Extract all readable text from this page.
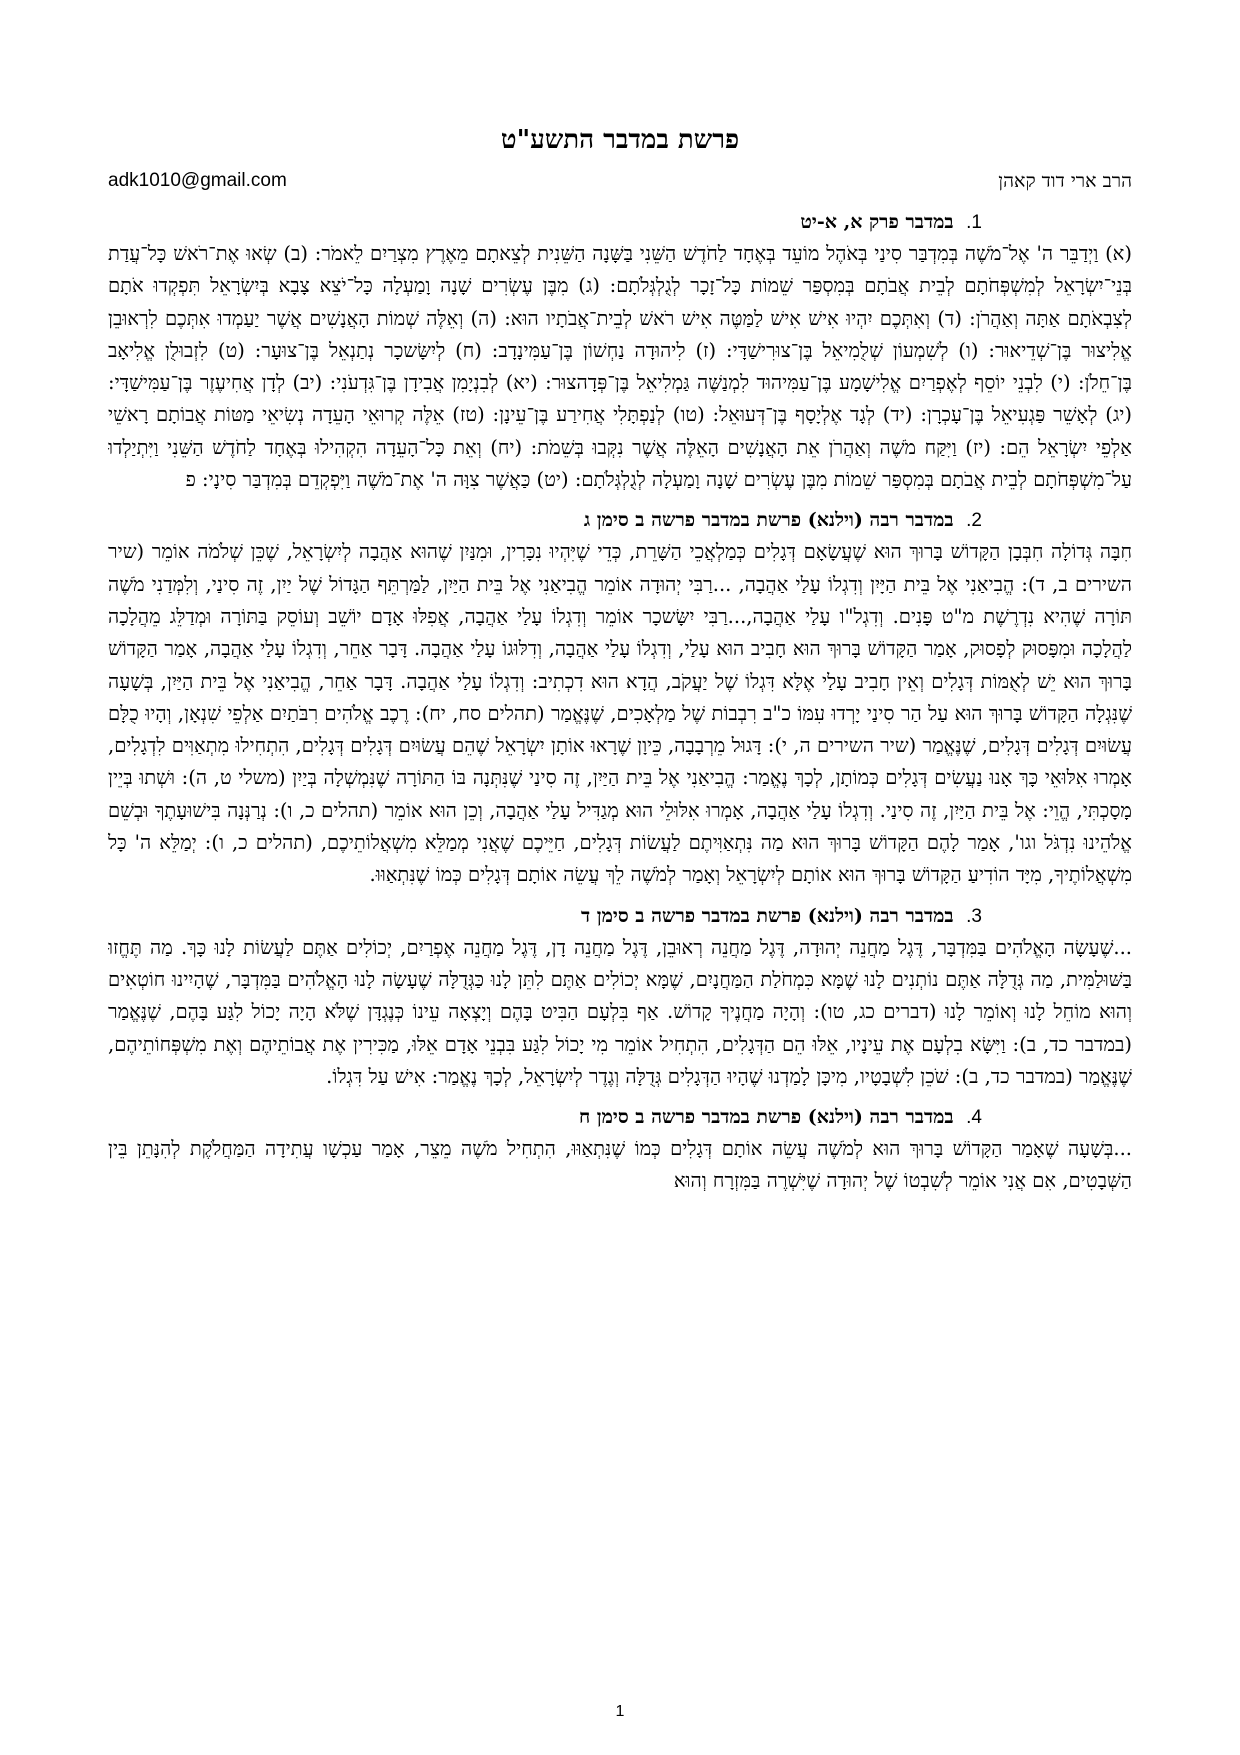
פרשת במדבר התשע"ט
הרב ארי דוד קאהן
adk1010@gmail.com
1. במדבר פרק א, א-יט

(א) וַיְדַבֵּר ה' אֶל־מֹשֶׁה בְּמִדְבַּר סִינַי בְּאֹהֶל מוֹעֵד בְּאֶחָד לַחֹדֶשׁ הַשֵּׁנִי בַּשָּׁנָה הַשֵּׁנִית לְצֵאתָם מֵאֶרֶץ מִצְרַיִם לֵאמֹר: (ב) שְׂאוּ אֶת־רֹאשׁ כָּל־עֲדַת בְּנֵי־יִשְׂרָאֵל לְמִשְׁפְּחֹתָם לְבֵית אֲבֹתָם בְּמִסְפַּר שֵׁמוֹת כָּל־זָכָר לְגֻלְגְּלֹתָם: (ג) מִבֶּן עֶשְׂרִים שָׁנָה וָמַעְלָה כָּל־יֹצֵא צָבָא בְּיִשְׂרָאֵל תִּפְקְדוּ אֹתָם לְצִבְאֹתָם אַתָּה וְאַהֲרֹן: (ד) וְאִתְּכֶם יִהְיוּ אִישׁ אִישׁ לַמַּטֶּה אִישׁ רֹאשׁ לְבֵית־אֲבֹתָיו הוּא: (ה) וְאֵלֶּה שְׁמוֹת הָאֲנָשִׁים אֲשֶׁר יַעַמְדוּ אִתְּכֶם לִרְאוּבֵן אֱלִיצוּר בֶּן־שְׁדֵיאוּר: (ו) לְשִׁמְעוֹן שְׁלֻמִיאֵל בֶּן־צוּרִישַׁדָּי: (ז) לִיהוּדָה נַחְשׁוֹן בֶּן־עַמִּינָדָב: (ח) לְיִשָּׂשכָר נְתַנְאֵל בֶּן־צוּעָר: (ט) לִזְבוּלֻן אֱלִיאָב בֶּן־חֵלֹן: (י) לִבְנֵי יוֹסֵף לְאֶפְרַיִם אֱלִישָׁמָע בֶּן־עַמִּיהוּד לִמְנַשֶּׁה גַּמְלִיאֵל בֶּן־פְּדָהצוּר: (יא) לְבִנְיָמִן אֲבִידָן בֶּן־גִּדְעֹנִי: (יב) לְדָן אֲחִיעֶזֶר בֶּן־עַמִּישַׁדָּי: (יג) לְאָשֵׁר פַּגְעִיאֵל בֶּן־עָכְרָן: (יד) לְגָד אֶלְיָסָף בֶּן־דְּעוּאֵל: (טו) לְנַפְתָּלִי אֲחִירַע בֶּן־עֵינָן: (טז) אֵלֶּה קְרוּאֵי הָעֵדָה נְשִׂיאֵי מַטּוֹת אֲבוֹתָם רָאשֵׁי אַלְפֵי יִשְׂרָאֵל הֵם: (יז) וַיִּקַּח מֹשֶׁה וְאַהֲרֹן אֵת הָאֲנָשִׁים הָאֵלֶּה אֲשֶׁר נִקְּבוּ בְּשֵׁמֹת: (יח) וְאֵת כָּל־הָעֵדָה הִקְהִילוּ בְּאֶחָד לַחֹדֶשׁ הַשֵּׁנִי וַיִּתְיַלְדוּ עַל־מִשְׁפְּחֹתָם לְבֵית אֲבֹתָם בְּמִסְפַּר שֵׁמוֹת מִבֶּן עֶשְׂרִים שָׁנָה וָמַעְלָה לְגֻלְגְּלֹתָם: (יט) כַּאֲשֶׁר צִוָּה ה' אֶת־מֹשֶׁה וַיִּפְקְדֵם בְּמִדְבַּר סִינָי: פ

2. במדבר רבה (וילנא) פרשת במדבר פרשה ב סימן ג

חִבָּה גְּדוֹלָה חִבְּבָן הַקָּדוֹשׁ בָּרוּךְ הוּא שֶׁעֲשָׂאָם דְּגָלִים כְּמַלְאֲכֵי הַשָּׁרֵת, כְּדֵי שֶׁיִּהְיוּ נִכָּרִין, וּמִנַּיִן שֶׁהוּא אַהֲבָה לְיִשְׂרָאֵל, שֶׁכֵּן שְׁלֹמֹה אוֹמֵר (שיר השירים ב, ד): הֱבִיאַנִי אֶל בֵּית הַיָּיִן וְדִגְלוֹ עָלַי אַהֲבָה, ...רַבִּי יְהוּדָה אוֹמֵר הֱבִיאַנִי אֶל בֵּית הַיַּיִן, לַמַּרְתֵּף הַגָּדוֹל שֶׁל יַיִן, זֶה סִינַי, וְלִמְּדַנִי מֹשֶׁה תּוֹרָה שֶׁהִיא נִדְרֶשֶׁת מ"ט פָּנִים. וְדִגְל"ו עָלַי אַהֲבָה,...רַבִּי יִשָּׂשכָר אוֹמֵר וְדִגְלוֹ עָלַי אַהֲבָה, אֲפִלּוּ אָדָם יוֹשֵׁב וְעוֹסֵק בַּתּוֹרָה וּמְדַלֵּג מֵהֲלָכָה לַהֲלָכָה וּמִפָּסוּק לְפָסוּק, אָמַר הַקָּדוֹשׁ בָּרוּךְ הוּא חָבִיב הוּא עָלַי, וְדִגְלוֹ עָלַי אַהֲבָה, וְדִלּוּגוֹ עָלַי אַהֲבָה. דָּבָר אַחֵר, וְדִגְלוֹ עָלַי אַהֲבָה, אָמַר הַקָּדוֹשׁ בָּרוּךְ הוּא יֵשׁ לְאֻמּוֹת דְּגָלִים וְאֵין חָבִיב עָלַי אֶלָּא דִּגְלוֹ שֶׁל יַעֲקֹב, הֲדָא הוּא דִכְתִיב: וְדִגְלוֹ עָלַי אַהֲבָה. דָּבָר אַחֵר, הֱבִיאַנִי אֶל בֵּית הַיַּיִן, בְּשָׁעָה שֶׁנִּגְלָה הַקָּדוֹשׁ בָּרוּךְ הוּא עַל הַר סִינַי יָרְדוּ עִמּוֹ כ"ב רִבְבוֹת שֶׁל מַלְאָכִים, שֶׁנֶּאֱמַר (תהלים סח, יח): רֶכֶב אֱלֹהִים רִבֹּתַיִם אַלְפֵי שִׁנְאָן, וְהָיוּ כֻלָּם עֲשׂוּיִם דְּגָלִים דְּגָלִים, שֶׁנֶּאֱמַר (שיר השירים ה, י): דָּגוּל מֵרְבָבָה, כֵּיוָן שֶׁרָאוּ אוֹתָן יִשְׂרָאֵל שֶׁהֵם עֲשׂוּיִם דְּגָלִים דְּגָלִים, הִתְחִילוּ מִתְאַוִּים לִדְגָלִים, אָמְרוּ אִלּוּאֵי כָּךְ אָנוּ נַעֲשִׂים דְּגָלִים כְּמוֹתָן, לְכָךְ נֶאֱמַר: הֱבִיאַנִי אֶל בֵּית הַיַּיִן, זֶה סִינַי שֶׁנִּתְּנָה בּוֹ הַתּוֹרָה שֶׁנִּמְשְׁלָה בְּיַיִן (משלי ט, ה): וּשְׁתוּ בְּיֵין מָסָכְתִּי, הֱוֵי: אֶל בֵּית הַיַּיִן, זֶה סִינַי. וְדִגְלוֹ עָלַי אַהֲבָה, אָמְרוּ אִלּוּלֵי הוּא מְגַדִּיל עָלַי אַהֲבָה, וְכֵן הוּא אוֹמֵר (תהלים כ, ו): נְרַנְּנָה בִּישׁוּעָתֶךָ וּבְשֵׁם אֱלֹהֵינוּ נִדְגֹּל וגו', אָמַר לָהֶם הַקָּדוֹשׁ בָּרוּךְ הוּא מַה נִּתְאַוִּיתֶם לַעֲשׂוֹת דְּגָלִים, חַיֵּיכֶם שֶׁאֲנִי מְמַלֵּא מִשְׁאֲלוֹתֵיכֶם, (תהלים כ, ו): יְמַלֵּא ה' כָּל מִשְׁאֲלוֹתֶיךָ, מִיָּד הוֹדִיעַ הַקָּדוֹשׁ בָּרוּךְ הוּא אוֹתָם לְיִשְׂרָאֵל וְאָמַר לְמֹשֶׁה לֵךְ עֲשֵׂה אוֹתָם דְּגָלִים כְּמוֹ שֶׁנִּתְאַוּוּ.

3. במדבר רבה (וילנא) פרשת במדבר פרשה ב סימן ד

...שֶׁעָשָׂה הָאֱלֹהִים בַּמִּדְבָּר, דֶּגֶל מַחֲנֵה יְהוּדָה, דֶּגֶל מַחֲנֵה רְאוּבֵן, דֶּגֶל מַחֲנֵה דָן, דֶּגֶל מַחֲנֵה אֶפְרַיִם, יְכוֹלִים אַתֶּם לַעֲשׂוֹת לָנוּ כָּךְ. מַה תֶּחֱזוּ בַּשּׁוּלַמִּית, מַה גְּדֻלָּה אַתֶּם נוֹתְנִים לָנוּ שֶׁמָּא כִּמְחֹלַת הַמַּחֲנָיִם, שֶׁמָּא יְכוֹלִים אַתֶּם לִתֵּן לָנוּ כַּגְּדֻלָּה שֶׁעָשָׂה לָנוּ הָאֱלֹהִים בַּמִּדְבָּר, שֶׁהָיִינוּ חוֹטְאִים וְהוּא מוֹחֵל לָנוּ וְאוֹמֵר לָנוּ (דברים כג, טו): וְהָיָה מַחֲנֶיךָ קָדוֹשׁ. אַף בִּלְעָם הַבִּיט בָּהֶם וְיָצְאָה עֵינוֹ כְּנֶגְדָּן שֶׁלֹּא הָיָה יָכוֹל לִגַּע בָּהֶם, שֶׁנֶּאֱמַר (במדבר כד, ב): וַיִּשָּׂא בִלְעָם אֶת עֵינָיו, אֵלּוּ הֵם הַדְּגָלִים, הִתְחִיל אוֹמֵר מִי יָכוֹל לִגַּע בִּבְנֵי אָדָם אֵלּוּ, מַכִּירִין אֶת אֲבוֹתֵיהֶם וְאֶת מִשְׁפְּחוֹתֵיהֶם, שֶׁנֶּאֱמַר (במדבר כד, ב): שֹׁכֵן לִשְׁבָטָיו, מִיכָּן לָמַדְנוּ שֶׁהָיוּ הַדְּגָלִים גְּדֻלָּה וְגֶדֶר לְיִשְׂרָאֵל, לְכָךְ נֶאֱמַר: אִישׁ עַל דִּגְלוֹ.

4. במדבר רבה (וילנא) פרשת במדבר פרשה ב סימן ח

...בְּשָׁעָה שֶׁאָמַר הַקָּדוֹשׁ בָּרוּךְ הוּא לְמֹשֶׁה עֲשֵׂה אוֹתָם דְּגָלִים כְּמוֹ שֶׁנִּתְאַוּוּ, הִתְחִיל מֹשֶׁה מֵצֵר, אָמַר עַכְשָׁו עֲתִידָה הַמַּחֲלֹקֶת לְהִנָּתֵן בֵּין הַשְּׁבָטִים, אִם אֲנִי אוֹמֵר לְשִׁבְטוֹ שֶׁל יְהוּדָה שֶׁיִּשְׁרֶה בַּמִּזְרָח וְהוּא

1
